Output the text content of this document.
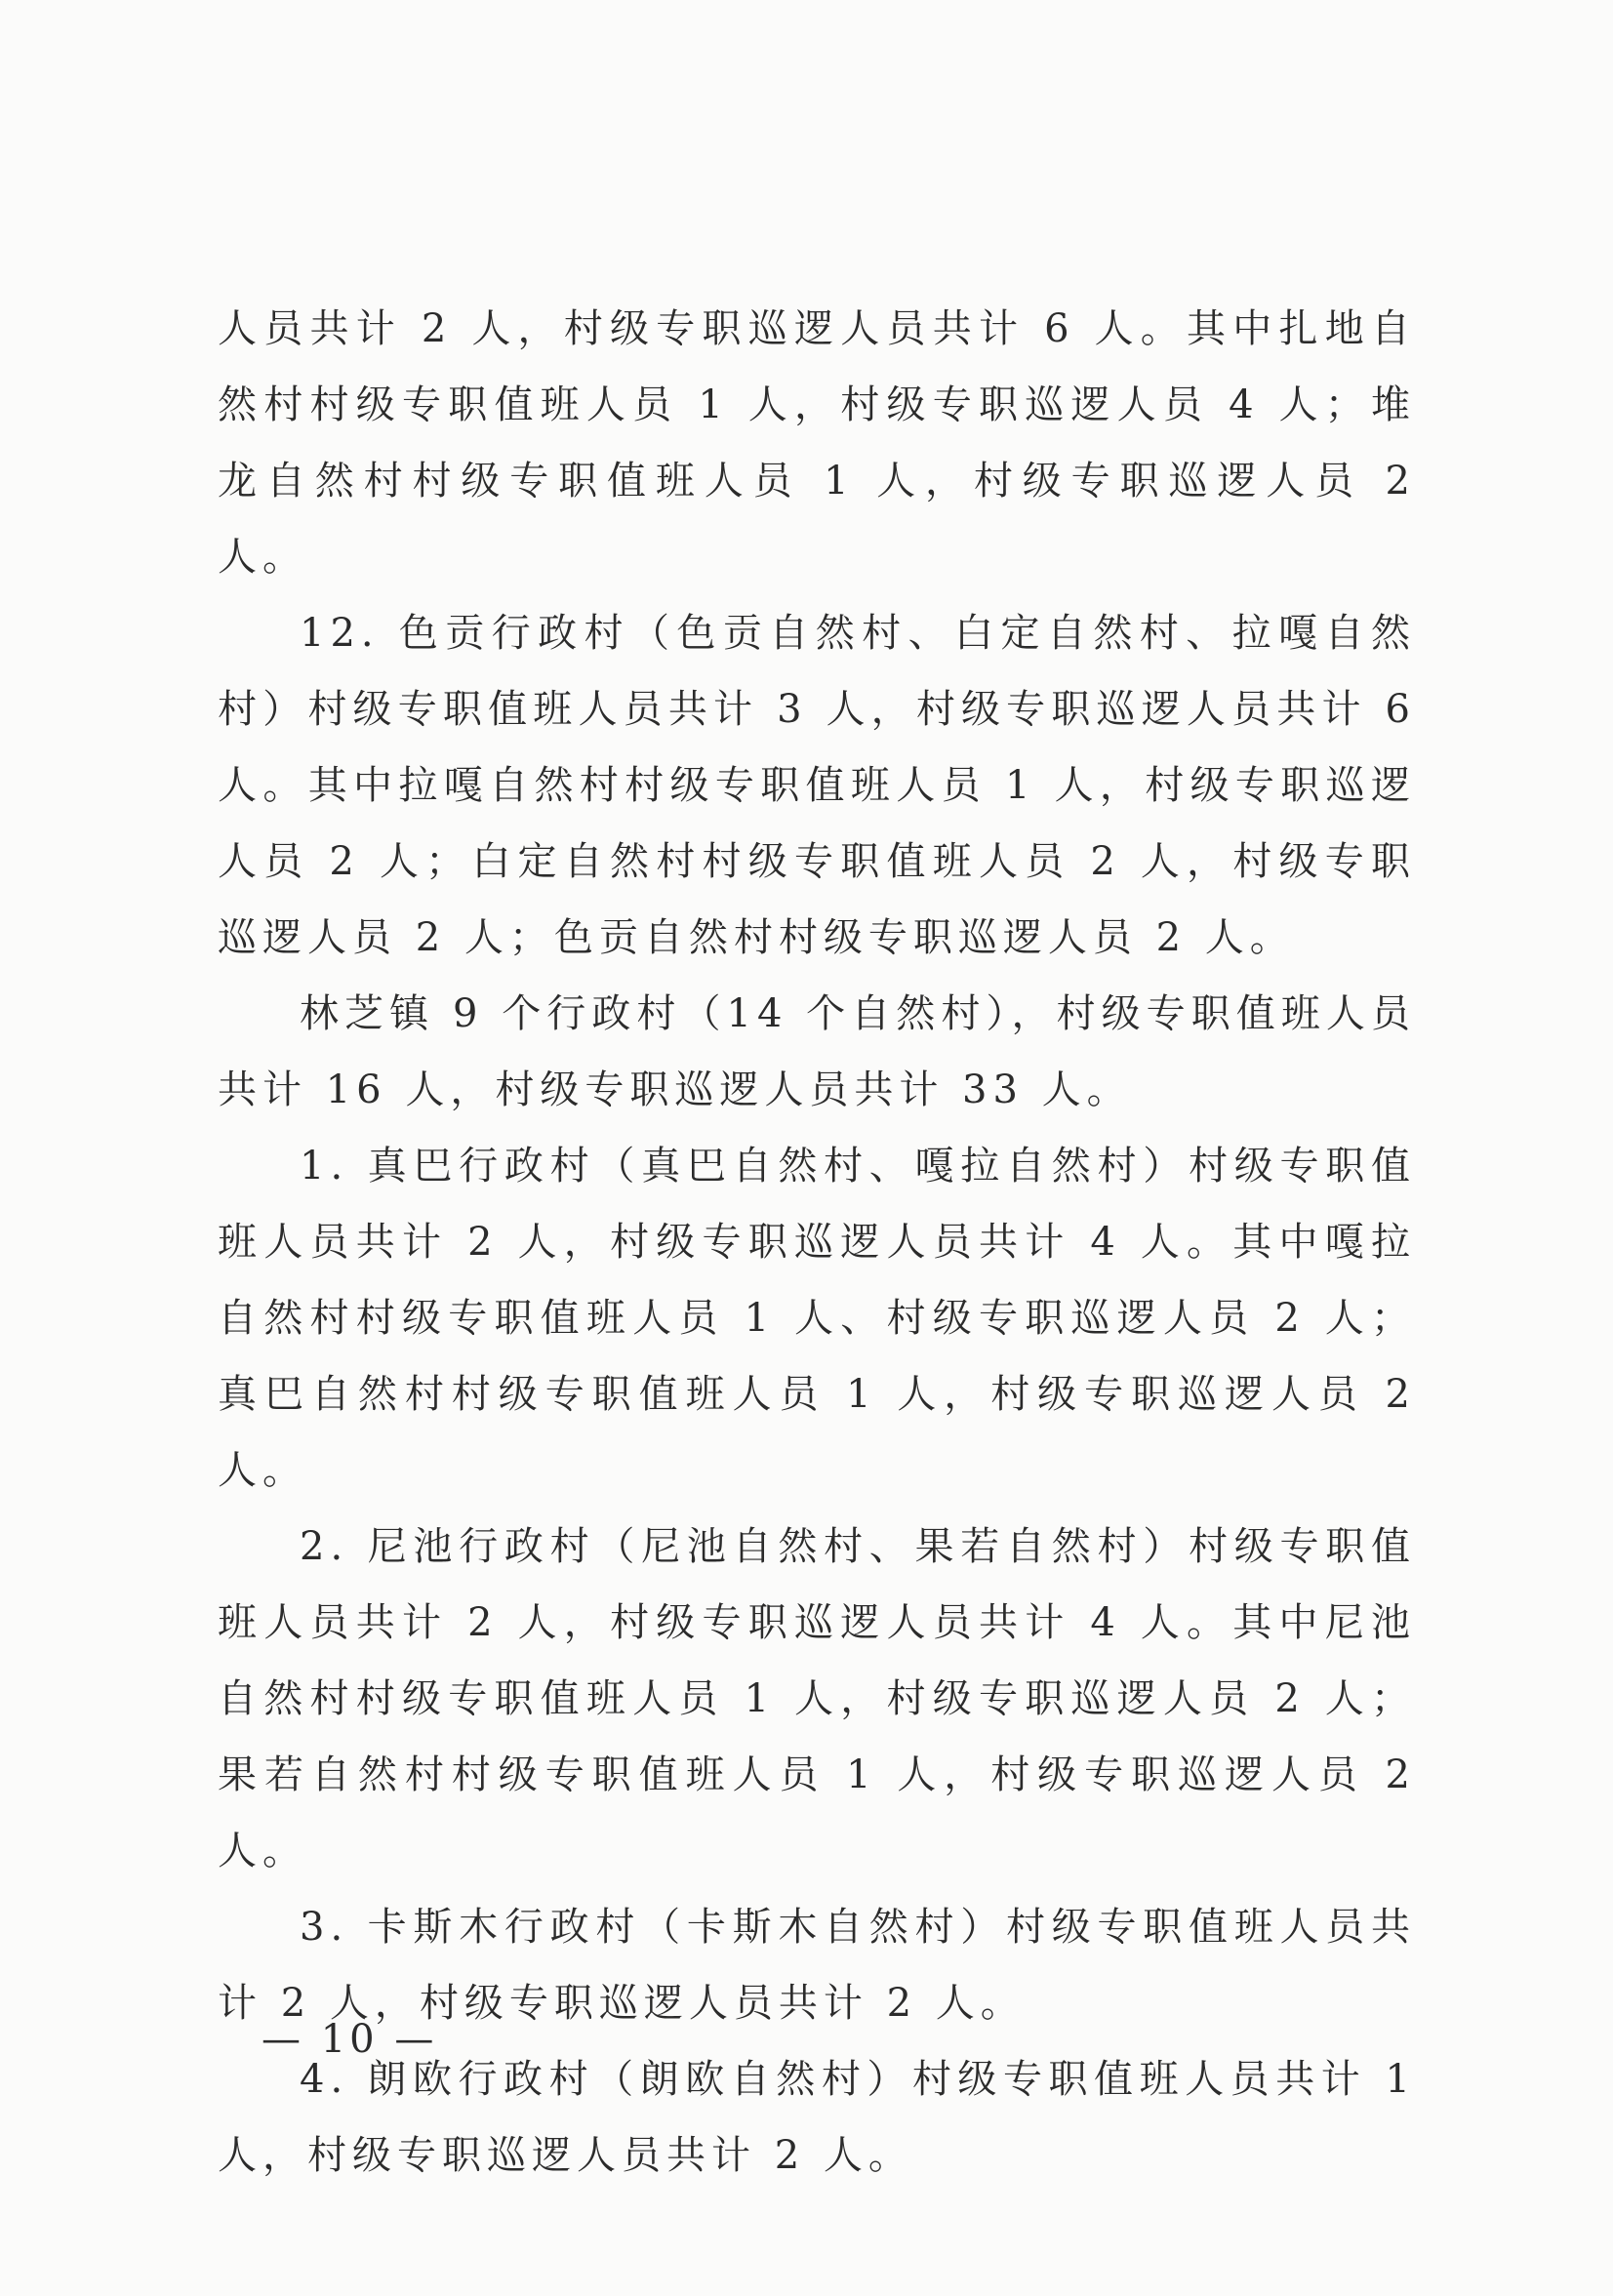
人员共计 2 人，村级专职巡逻人员共计 6 人。其中扎地自然村村级专职值班人员 1 人，村级专职巡逻人员 4 人；堆龙自然村村级专职值班人员 1 人，村级专职巡逻人员 2 人。

12. 色贡行政村（色贡自然村、白定自然村、拉嘎自然村）村级专职值班人员共计 3 人，村级专职巡逻人员共计 6 人。其中拉嘎自然村村级专职值班人员 1 人，村级专职巡逻人员 2 人；白定自然村村级专职值班人员 2 人，村级专职巡逻人员 2 人；色贡自然村村级专职巡逻人员 2 人。

林芝镇 9 个行政村（14 个自然村），村级专职值班人员共计 16 人，村级专职巡逻人员共计 33 人。

1. 真巴行政村（真巴自然村、嘎拉自然村）村级专职值班人员共计 2 人，村级专职巡逻人员共计 4 人。其中嘎拉自然村村级专职值班人员 1 人、村级专职巡逻人员 2 人；真巴自然村村级专职值班人员 1 人，村级专职巡逻人员 2 人。

2. 尼池行政村（尼池自然村、果若自然村）村级专职值班人员共计 2 人，村级专职巡逻人员共计 4 人。其中尼池自然村村级专职值班人员 1 人，村级专职巡逻人员 2 人；果若自然村村级专职值班人员 1 人，村级专职巡逻人员 2 人。

3. 卡斯木行政村（卡斯木自然村）村级专职值班人员共计 2 人，村级专职巡逻人员共计 2 人。

4. 朗欧行政村（朗欧自然村）村级专职值班人员共计 1 人，村级专职巡逻人员共计 2 人。

— 10 —
